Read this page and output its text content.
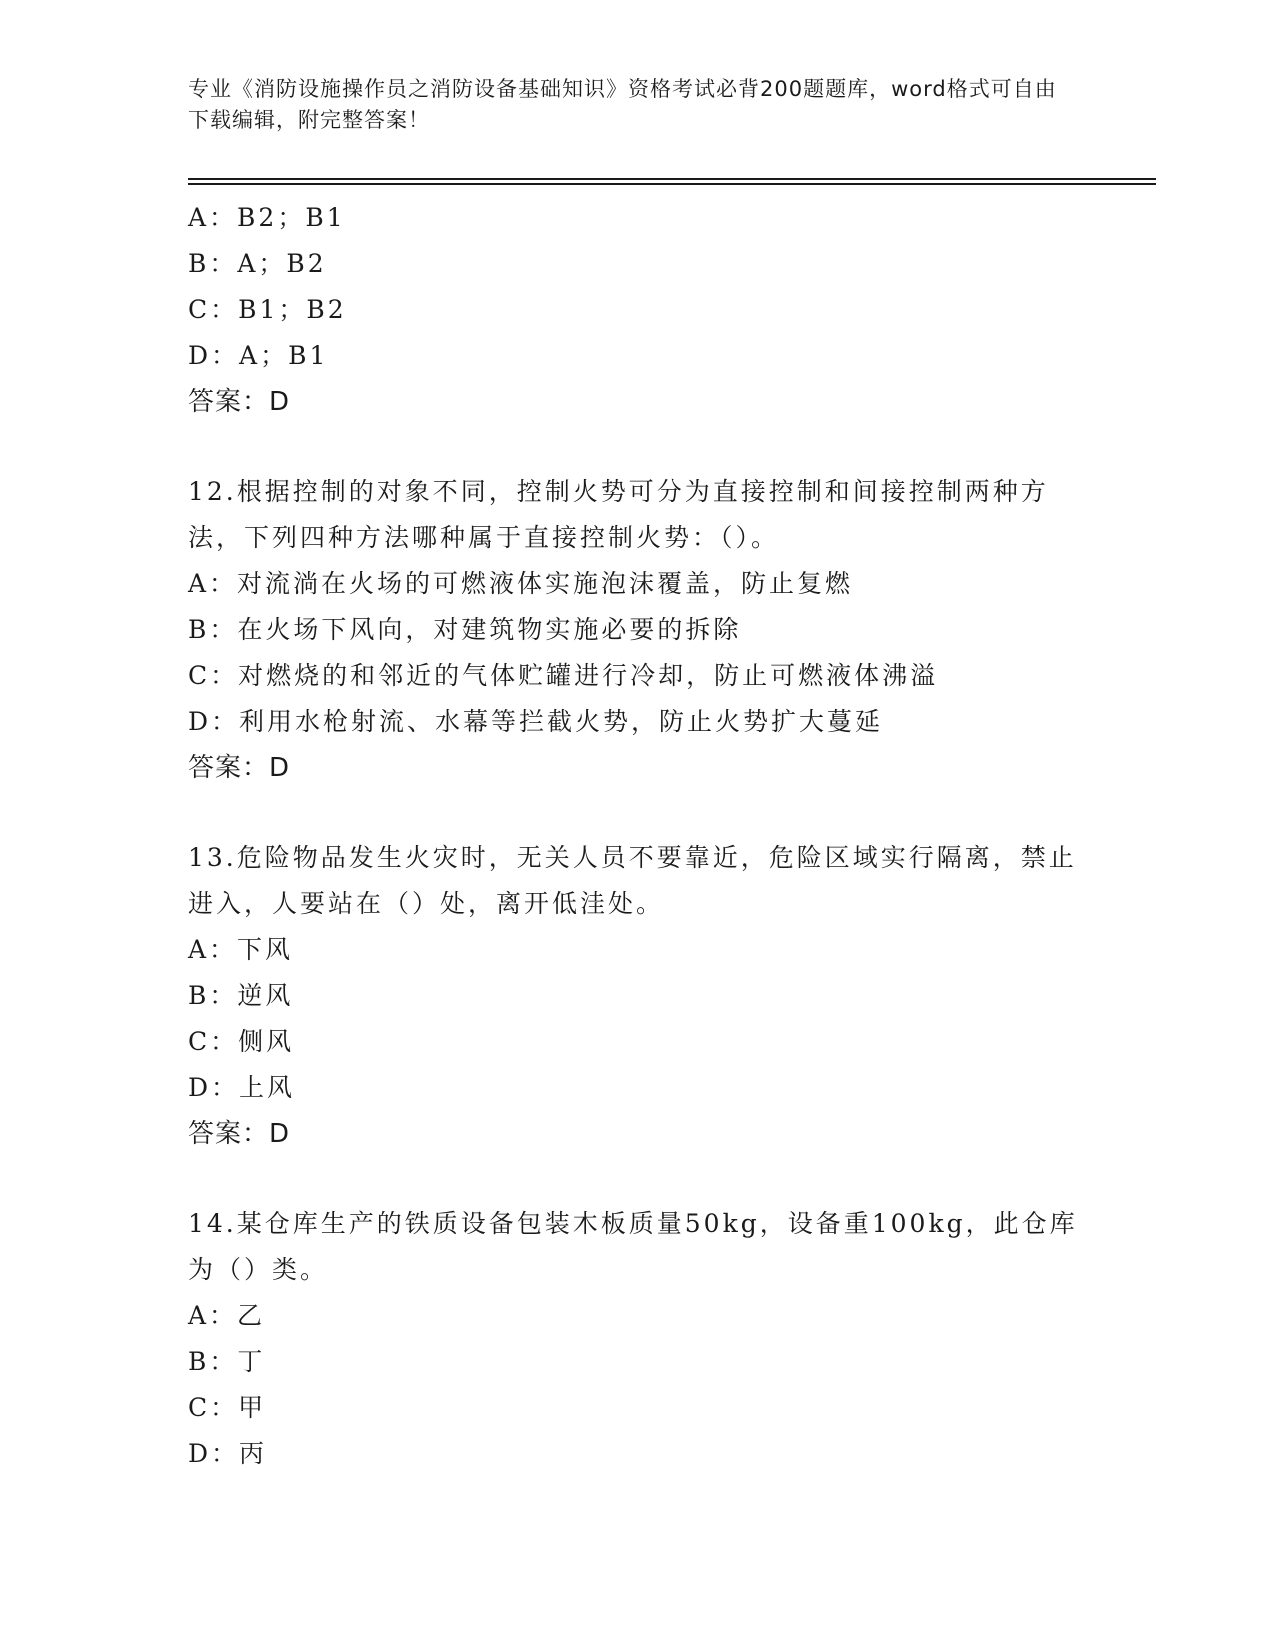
专业《消防设施操作员之消防设备基础知识》资格考试必背200题题库，word格式可自由下载编辑，附完整答案！
A：B2；B1
B：A；B2
C：B1；B2
D：A；B1
答案：D
12.根据控制的对象不同，控制火势可分为直接控制和间接控制两种方法，下列四种方法哪种属于直接控制火势：（）。
A：对流淌在火场的可燃液体实施泡沫覆盖，防止复燃
B：在火场下风向，对建筑物实施必要的拆除
C：对燃烧的和邻近的气体贮罐进行冷却，防止可燃液体沸溢
D：利用水枪射流、水幕等拦截火势，防止火势扩大蔓延
答案：D
13.危险物品发生火灾时，无关人员不要靠近，危险区域实行隔离，禁止进入，人要站在（）处，离开低洼处。
A：下风
B：逆风
C：侧风
D：上风
答案：D
14.某仓库生产的铁质设备包装木板质量50kg，设备重100kg，此仓库为（）类。
A：乙
B：丁
C：甲
D：丙
